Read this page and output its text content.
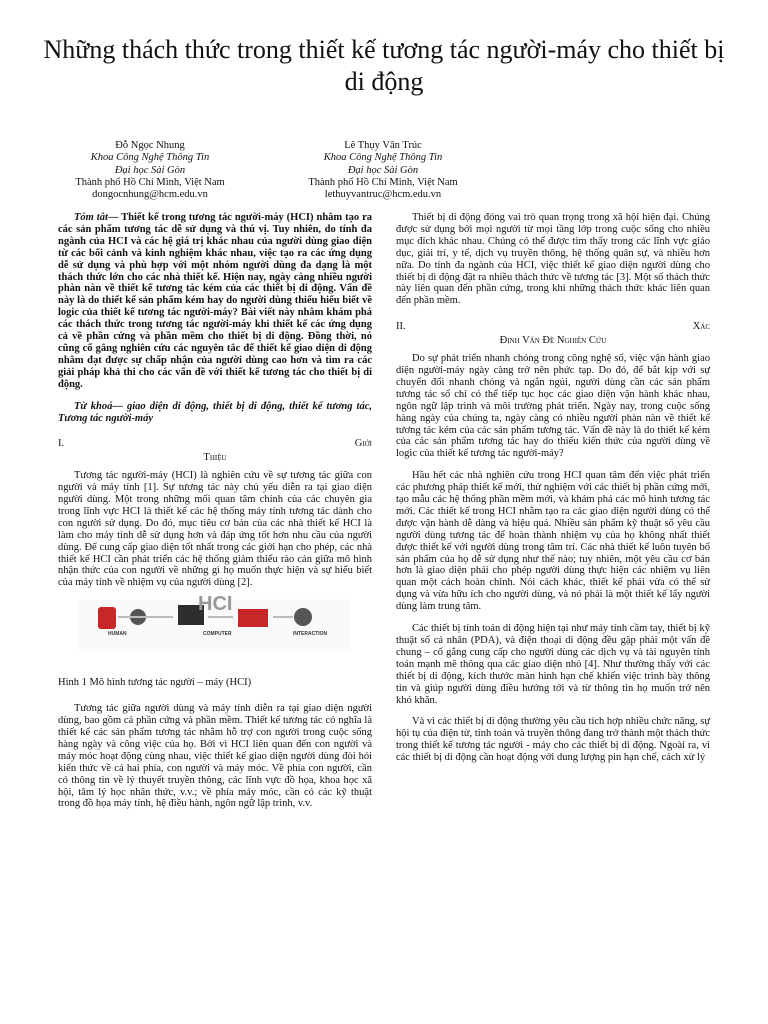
Những thách thức trong thiết kế tương tác người-máy cho thiết bị di động
Đỗ Ngọc Nhung
Khoa Công Nghệ Thông Tin
Đại học Sài Gòn
Thành phố Hồ Chí Minh, Việt Nam
dongocnhung@hcm.edu.vn
Lê Thụy Vân Trúc
Khoa Công Nghệ Thông Tin
Đại học Sài Gòn
Thành phố Hồ Chí Minh, Việt Nam
lethuyvantruc@hcm.edu.vn

Tóm tắt— Thiết kế trong tương tác người-máy (HCI) nhằm tạo ra các sản phẩm tương tác dễ sử dụng và thú vị. Tuy nhiên, do tính đa ngành của HCI và các hệ giá trị khác nhau của người dùng giao diện từ các bối cảnh và kinh nghiệm khác nhau, việc tạo ra các ứng dụng dễ sử dụng và phù hợp với một nhóm người dùng đa dạng là một thách thức lớn cho các nhà thiết kế. Hiện nay, ngày càng nhiều người phàn nàn về thiết kế tương tác kém của các thiết bị di động. Vấn đề này là do thiết kế sản phẩm kém hay do người dùng thiếu hiểu biết về logic của thiết kế tương tác người-máy? Bài viết này nhằm khám phá các thách thức trong tương tác người-máy khi thiết kế các ứng dụng cả về phần cứng và phần mềm cho thiết bị di động. Đồng thời, nó cũng cố gắng nghiên cứu các nguyên tắc để thiết kế giao diện di động nhằm đạt được sự chấp nhận của người dùng cao hơn và tìm ra các giải pháp khả thi cho các vấn đề với thiết kế tương tác cho thiết bị di động.

Từ khoá— giao diện di động, thiết bị di động, thiết kế tương tác, Tương tác người-máy

I.	Giới
Thiệu

Tương tác người-máy (HCI) là nghiên cứu về sự tương tác giữa con người và máy tính [1]. Sự tương tác này chủ yếu diễn ra tại giao diện người dùng. Một trong những mối quan tâm chính của các chuyên gia trong lĩnh vực HCI là thiết kế các hệ thống máy tính tương tác dành cho con người sử dụng. Do đó, mục tiêu cơ bản của các nhà thiết kế HCI là làm cho máy tính dễ sử dụng hơn và đáp ứng tốt hơn nhu cầu của người dùng. Để cung cấp giao diện tốt nhất trong các giới hạn cho phép, các nhà thiết kế HCI cần phát triển các hệ thống giảm thiểu rào cản giữa mô hình nhận thức của con người về những gì họ muốn thực hiện và sự hiểu biết của máy tính về nhiệm vụ của người dùng [2].

HCI
HUMAN	COMPUTER	INTERACTION
Hình 1 Mô hình tương tác người – máy (HCI)

Tương tác giữa người dùng và máy tính diễn ra tại giao diện người dùng, bao gồm cả phần cứng và phần mềm. Thiết kế tương tác có nghĩa là thiết kế các sản phẩm tương tác nhằm hỗ trợ con người trong cuộc sống hàng ngày và công việc của họ. Bởi vì HCI liên quan đến con người và máy móc hoạt động cùng nhau, việc thiết kế giao diện người dùng đòi hỏi kiến thức về cả hai phía, con người và máy móc. Về phía con người, cần có thông tin về lý thuyết truyền thông, các lĩnh vực đồ họa, khoa học xã hội, tâm lý học nhân thức, v.v.; về phía máy móc, cần có các kỹ thuật trong đồ họa máy tính, hệ điều hành, ngôn ngữ lập trình, v.v.

Thiết bị di động đóng vai trò quan trọng trong xã hội hiện đại. Chúng được sử dụng bởi mọi người từ mọi tầng lớp trong cuộc sống cho nhiều mục đích khác nhau. Chúng có thể được tìm thấy trong các lĩnh vực giáo dục, giải trí, y tế, dịch vụ truyền thông, hệ thống quân sự, và nhiều hơn nữa. Do tính đa ngành của HCI, việc thiết kế giao diện người dùng cho thiết bị di động đặt ra nhiều thách thức về tương tác [3]. Một số thách thức này liên quan đến phần cứng, trong khi những thách thức khác liên quan đến phần mềm.

II.	Xác
Định Vấn Đề Nghiên Cứu

Do sự phát triển nhanh chóng trong công nghệ số, việc vận hành giao diện người-máy ngày càng trở nên phức tạp. Do đó, để bắt kịp với sự chuyển đổi nhanh chóng và ngắn ngủi, người dùng cần các sản phẩm tương tác số chỉ có thể tiếp tục học các giao diện vận hành khác nhau, ngôn ngữ lập trình và môi trường phát triển. Ngày nay, trong cuộc sống hàng ngày của chúng ta, ngày càng có nhiều người phàn nàn về thiết kế tương tác kém của các sản phẩm tương tác. Vấn đề này là do thiết kế kém của các sản phẩm tương tác hay do thiếu kiến thức của người dùng về logic của thiết kế tương tác người-máy?

Hầu hết các nhà nghiên cứu trong HCI quan tâm đến việc phát triển các phương pháp thiết kế mới, thử nghiệm với các thiết bị phần cứng mới, tạo mẫu các hệ thống phần mềm mới, và khám phá các mô hình tương tác mới. Các thiết kế trong HCI nhằm tạo ra các giao diện người dùng có thể được vận hành dễ dàng và hiệu quả. Nhiều sản phẩm kỹ thuật số yêu cầu người dùng tương tác để hoàn thành nhiệm vụ của họ không nhất thiết được thiết kế với người dùng trong tâm trí. Các nhà thiết kế luôn tuyên bố sản phẩm của họ dễ sử dụng như thế nào; tuy nhiên, một yêu cầu cơ bản hơn là giao diện phải cho phép người dùng thực hiện các nhiệm vụ liên quan một cách hoàn chỉnh. Nói cách khác, thiết kế phải vừa có thể sử dụng và vừa hữu ích cho người dùng, và nó phải là một thiết kế lấy người dùng làm trung tâm.

Các thiết bị tính toán di động hiện tại như máy tính cầm tay, thiết bị kỹ thuật số cá nhân (PDA), và điện thoại di động đều gặp phải một vấn đề chung – cố gắng cung cấp cho người dùng các dịch vụ và tài nguyên tính toán mạnh mẽ thông qua các giao diện nhỏ [4]. Như thường thấy với các thiết bị di động, kích thước màn hình hạn chế khiến việc trình bày thông tin và giúp người dùng điều hướng tới và từ thông tin họ muốn trở nên khó khăn.

Và vì các thiết bị di động thường yêu cầu tích hợp nhiều chức năng, sự hội tụ của điện tử, tính toán và truyền thông đang trở thành một thách thức trong thiết kế tương tác người - máy cho các thiết bị di động. Ngoài ra, vì các thiết bị di động cần hoạt động với dung lượng pin hạn chế, cách xử lý
